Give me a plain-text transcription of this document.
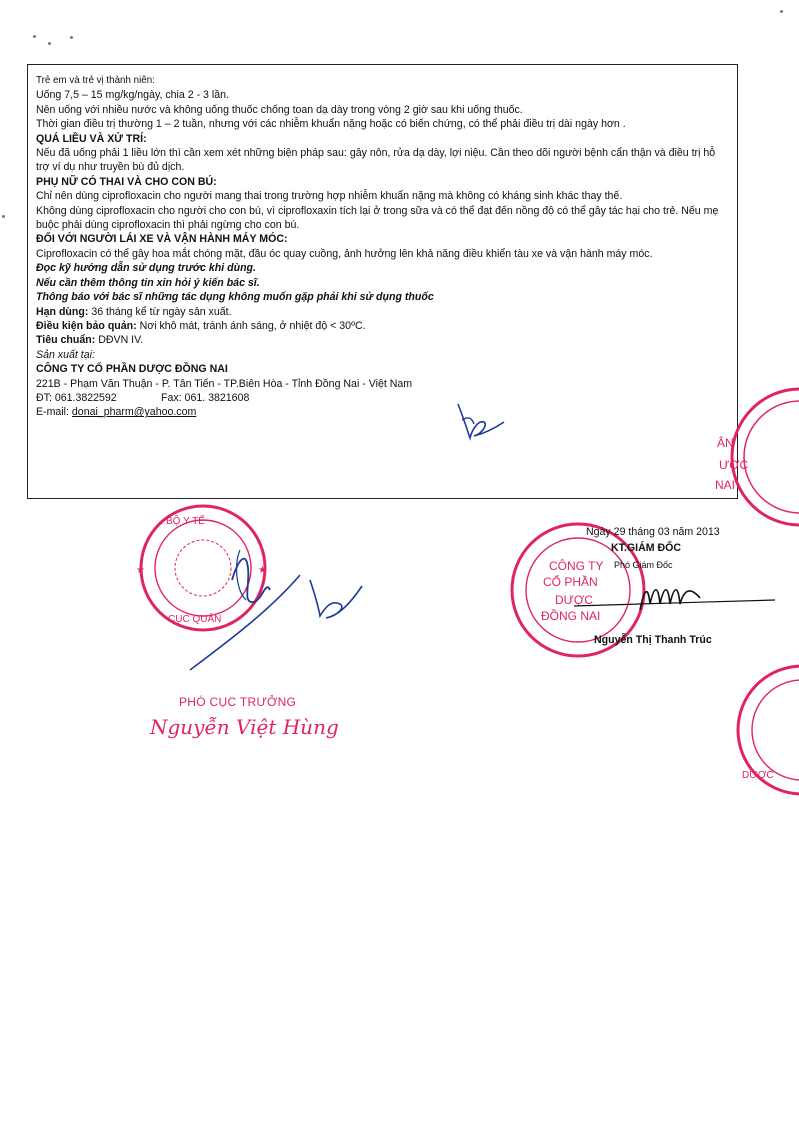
Trẻ em và trẻ vị thành niên:

Uống 7,5 – 15 mg/kg/ngày, chia 2 - 3 lần.

Nên uống với nhiều nước và không uống thuốc chống toan dạ dày trong vòng 2 giờ sau khi uống thuốc.

Thời gian điều trị thường 1 – 2 tuần, nhưng với các nhiễm khuẩn nặng hoặc có biến chứng, có thể phải điều trị dài ngày hơn .

QUÁ LIỀU VÀ XỬ TRÍ:

Nếu đã uống phải 1 liều lớn thì cần xem xét những biện pháp sau: gây nôn, rửa dạ dày, lợi niệu. Cần theo dõi người bệnh cẩn thận và điều trị hỗ trợ ví dụ như truyền bù đủ dịch.

PHỤ NỮ CÓ THAI VÀ CHO CON BÚ:

Chỉ nên dùng ciprofloxacin cho người mang thai trong trường hợp nhiễm khuẩn nặng mà không có kháng sinh khác thay thế.

Không dùng ciprofloxacin cho người cho con bú, vì ciprofloxaxin tích lại ở trong sữa và có thể đạt đến nồng độ có thể gây tác hại cho trẻ. Nếu mẹ buộc phải dùng ciprofloxacin thì phải ngừng cho con bú.

ĐỐI VỚI NGƯỜI LÁI XE VÀ VẬN HÀNH MÁY MÓC:

Ciprofloxacin có thể gây hoa mắt chóng mặt, đầu óc quay cuồng, ảnh hưởng lên khả năng điều khiển tàu xe và vận hành máy móc.

Đọc kỹ hướng dẫn sử dụng trước khi dùng.

Nếu cần thêm thông tin xin hỏi ý kiến bác sĩ.

Thông báo với bác sĩ những tác dụng không muốn gặp phải khi sử dụng thuốc

Hạn dùng: 36 tháng kể từ ngày sản xuất.

Điều kiện bảo quản: Nơi khô mát, tránh ánh sáng, ở nhiệt độ < 30ºC.

Tiêu chuẩn: DĐVN IV.

Sản xuất tại:

CÔNG TY CỔ PHẦN DƯỢC ĐỒNG NAI

221B - Phạm Văn Thuận - P. Tân Tiến - TP.Biên Hòa - Tỉnh Đồng Nai - Việt Nam

ĐT: 061.3822592	Fax: 061. 3821608

E-mail: donai_pharm@yahoo.com

ÂN
ƯỢC
NAI
BỘ Y TẾ
CỤC QUẢN
★	★
PHÓ CỤC TRƯỞNG
Nguyễn Việt Hùng
CÔNG TY
CỔ PHẦN
DƯỢC
ĐỒNG NAI
Ngày 29 tháng 03 năm 2013
KT.GIÁM ĐỐC
Phó Giám Đốc
Nguyễn Thị Thanh Trúc
DƯỢC
